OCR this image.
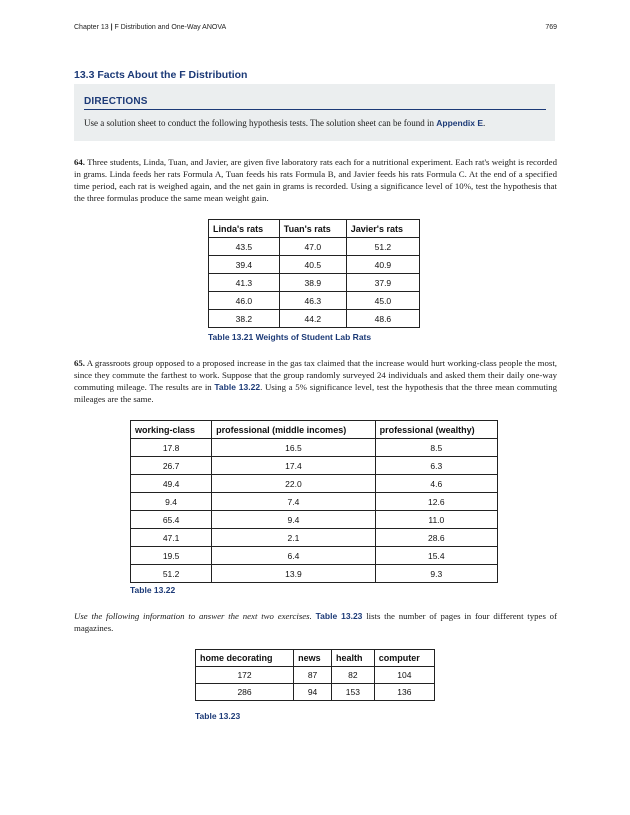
Chapter 13 | F Distribution and One-Way ANOVA	769
13.3 Facts About the F Distribution
DIRECTIONS
Use a solution sheet to conduct the following hypothesis tests. The solution sheet can be found in Appendix E.
64. Three students, Linda, Tuan, and Javier, are given five laboratory rats each for a nutritional experiment. Each rat's weight is recorded in grams. Linda feeds her rats Formula A, Tuan feeds his rats Formula B, and Javier feeds his rats Formula C. At the end of a specified time period, each rat is weighed again, and the net gain in grams is recorded. Using a significance level of 10%, test the hypothesis that the three formulas produce the same mean weight gain.
Linda's rats	Tuan's rats	Javier's rats
43.5	47.0	51.2
39.4	40.5	40.9
41.3	38.9	37.9
46.0	46.3	45.0
38.2	44.2	48.6
Table 13.21 Weights of Student Lab Rats
65. A grassroots group opposed to a proposed increase in the gas tax claimed that the increase would hurt working-class people the most, since they commute the farthest to work. Suppose that the group randomly surveyed 24 individuals and asked them their daily one-way commuting mileage. The results are in Table 13.22. Using a 5% significance level, test the hypothesis that the three mean commuting mileages are the same.
working-class	professional (middle incomes)	professional (wealthy)
17.8	16.5	8.5
26.7	17.4	6.3
49.4	22.0	4.6
9.4	7.4	12.6
65.4	9.4	11.0
47.1	2.1	28.6
19.5	6.4	15.4
51.2	13.9	9.3
Table 13.22
Use the following information to answer the next two exercises. Table 13.23 lists the number of pages in four different types of magazines.
home decorating	news	health	computer
172	87	82	104
286	94	153	136
Table 13.23
